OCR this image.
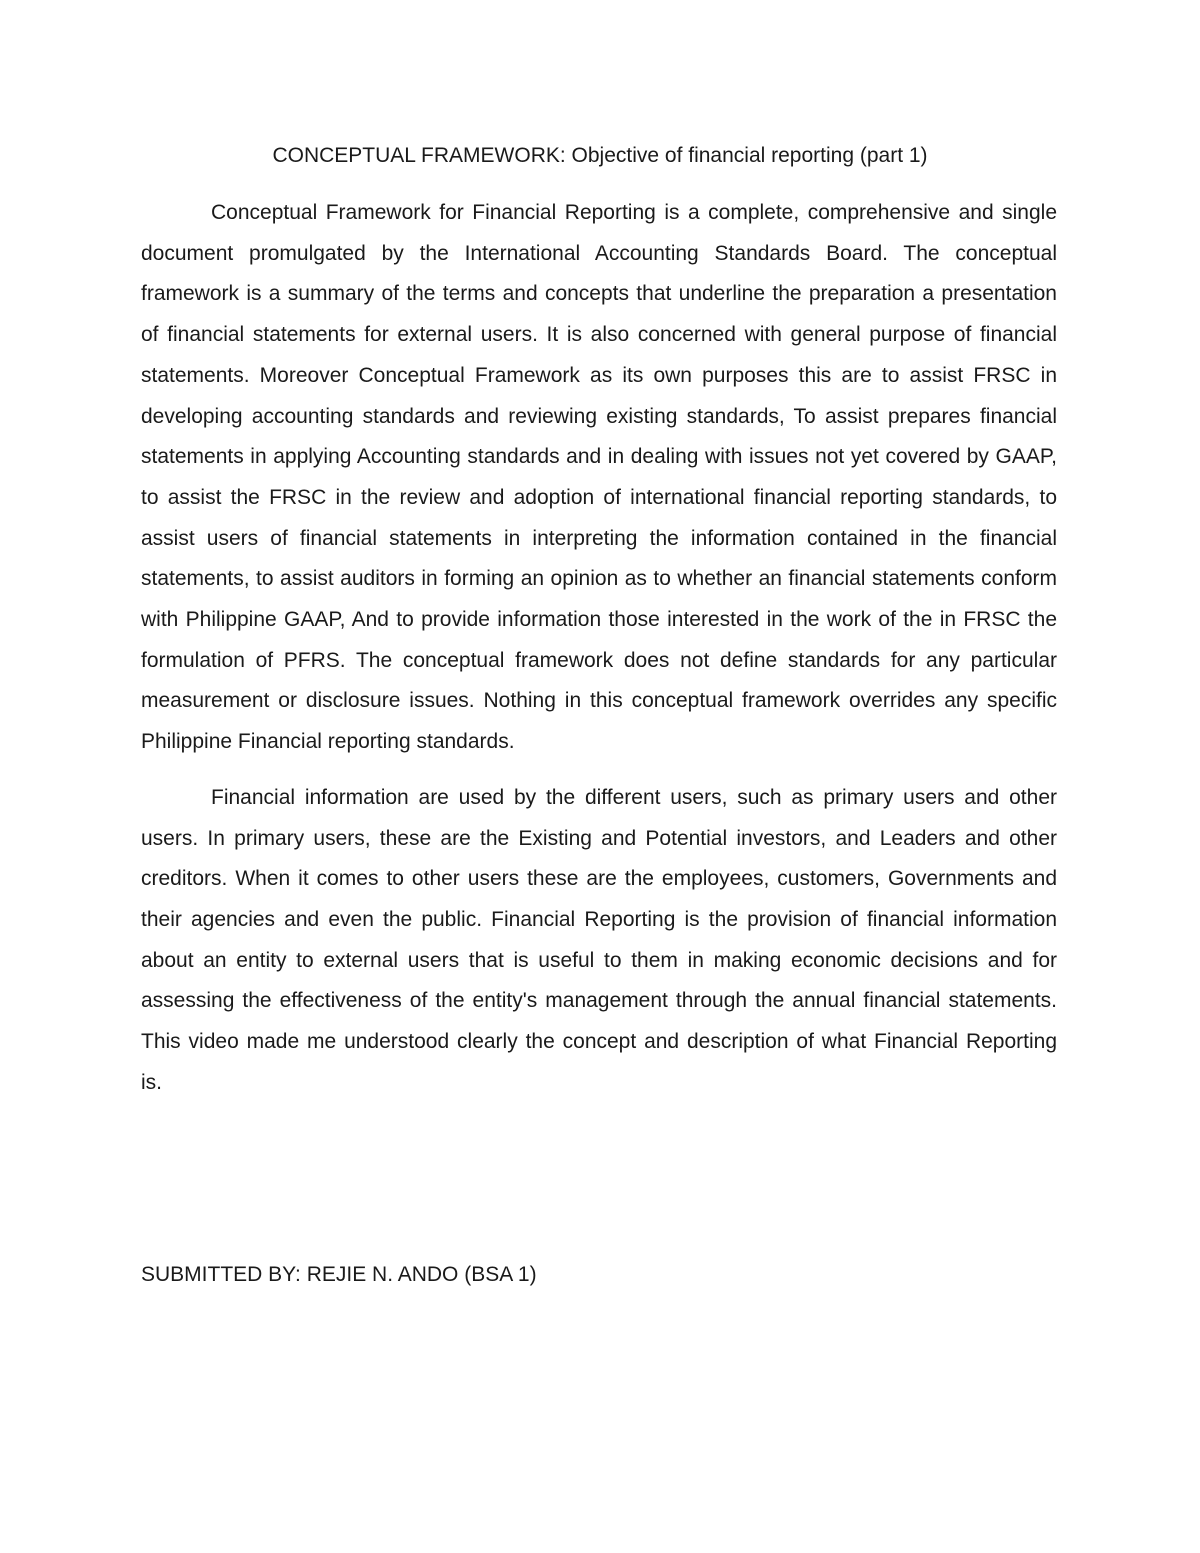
CONCEPTUAL FRAMEWORK: Objective of financial reporting (part 1)

Conceptual Framework for Financial Reporting is a complete, comprehensive and single document promulgated by the International Accounting Standards Board. The conceptual framework is a summary of the terms and concepts that underline the preparation a presentation of financial statements for external users. It is also concerned with general purpose of financial statements. Moreover Conceptual Framework as its own purposes this are to assist FRSC in developing accounting standards and reviewing existing standards, To assist prepares financial statements in applying Accounting standards and in dealing with issues not yet covered by GAAP, to assist the FRSC in the review and adoption of international financial reporting standards, to assist users of financial statements in interpreting the information contained in the financial statements, to assist auditors in forming an opinion as to whether an financial statements conform with Philippine GAAP, And to provide information those interested in the work of the in FRSC the formulation of PFRS. The conceptual framework does not define standards for any particular measurement or disclosure issues. Nothing in this conceptual framework overrides any specific Philippine Financial reporting standards.

Financial information are used by the different users, such as primary users and other users. In primary users, these are the Existing and Potential investors, and Leaders and other creditors. When it comes to other users these are the employees, customers, Governments and their agencies and even the public. Financial Reporting is the provision of financial information about an entity to external users that is useful to them in making economic decisions and for assessing the effectiveness of the entity's management through the annual financial statements. This video made me understood clearly the concept and description of what Financial Reporting is.

SUBMITTED BY: REJIE N. ANDO (BSA 1)
